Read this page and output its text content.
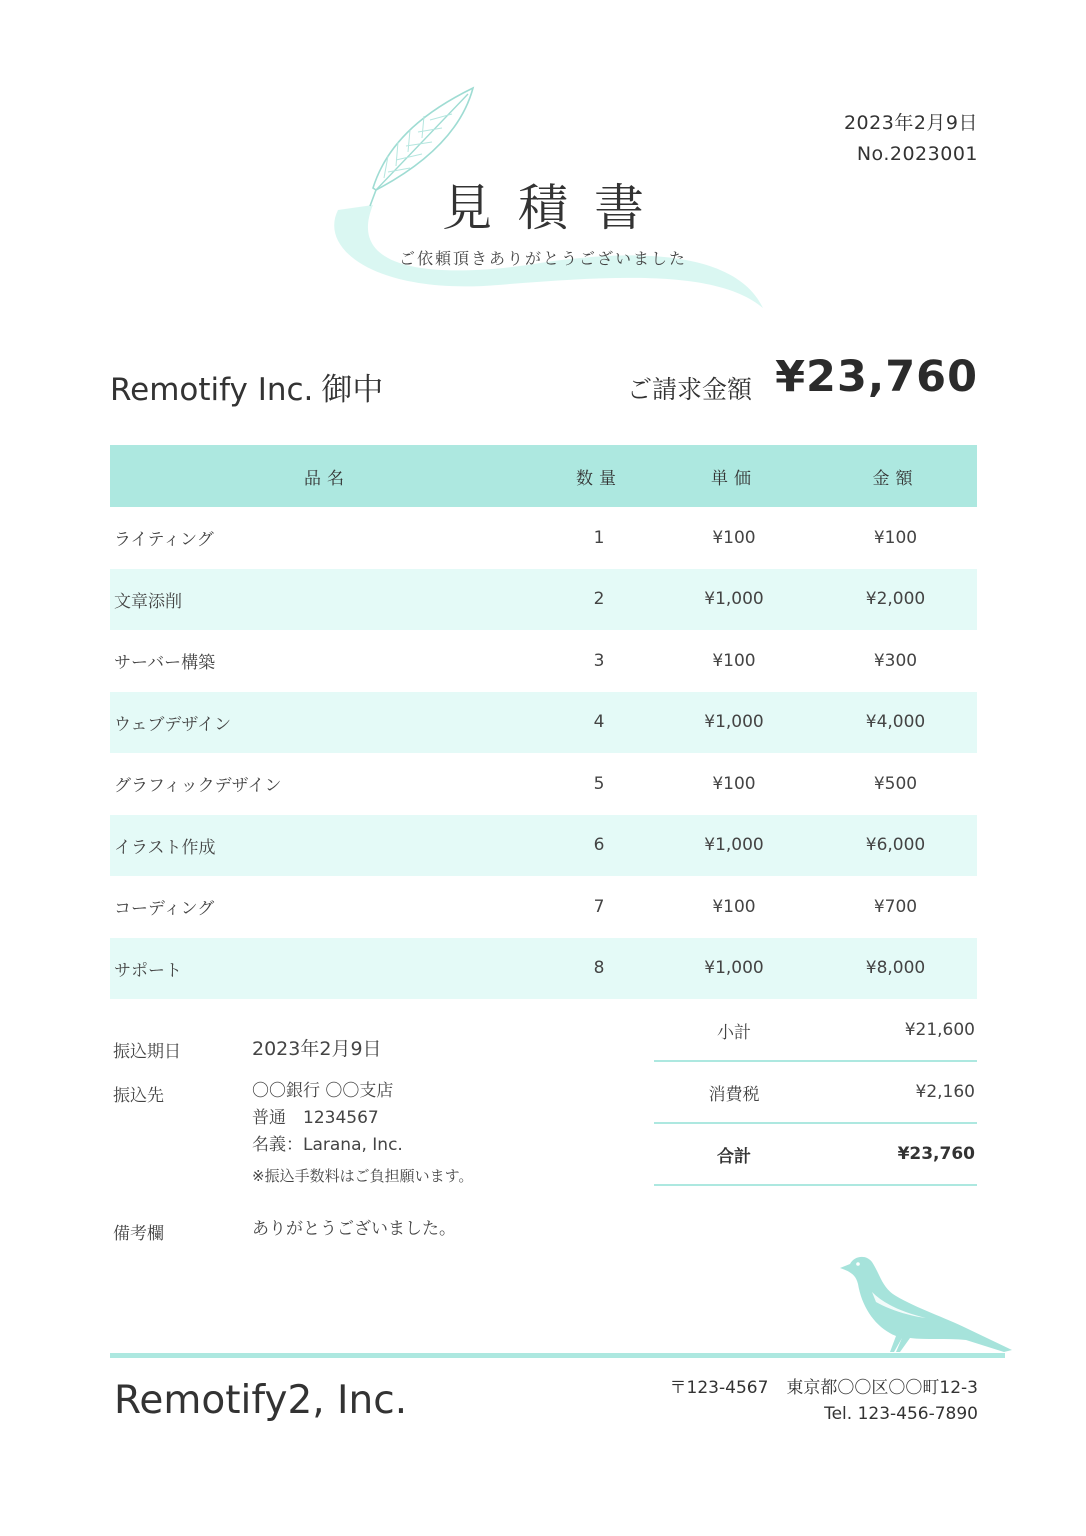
2023年2月9日
No.2023001
見積書
ご依頼頂きありがとうございました
Remotify Inc. 御中	ご請求金額 ¥23,760
品名	数量	単価	金額
ライティング	1	¥100	¥100
文章添削	2	¥1,000	¥2,000
サーバー構築	3	¥100	¥300
ウェブデザイン	4	¥1,000	¥4,000
グラフィックデザイン	5	¥100	¥500
イラスト作成	6	¥1,000	¥6,000
コーディング	7	¥100	¥700
サポート	8	¥1,000	¥8,000
振込期日	2023年2月9日
振込先	〇〇銀行 〇〇支店
普通　1234567
名義：Larana, Inc.
※振込手数料はご負担願います。
備考欄	ありがとうございました。
小計	¥21,600
消費税	¥2,160
合計	¥23,760
Remotify2, Inc.	〒123-4567 東京都〇〇区〇〇町12-3
Tel. 123-456-7890
